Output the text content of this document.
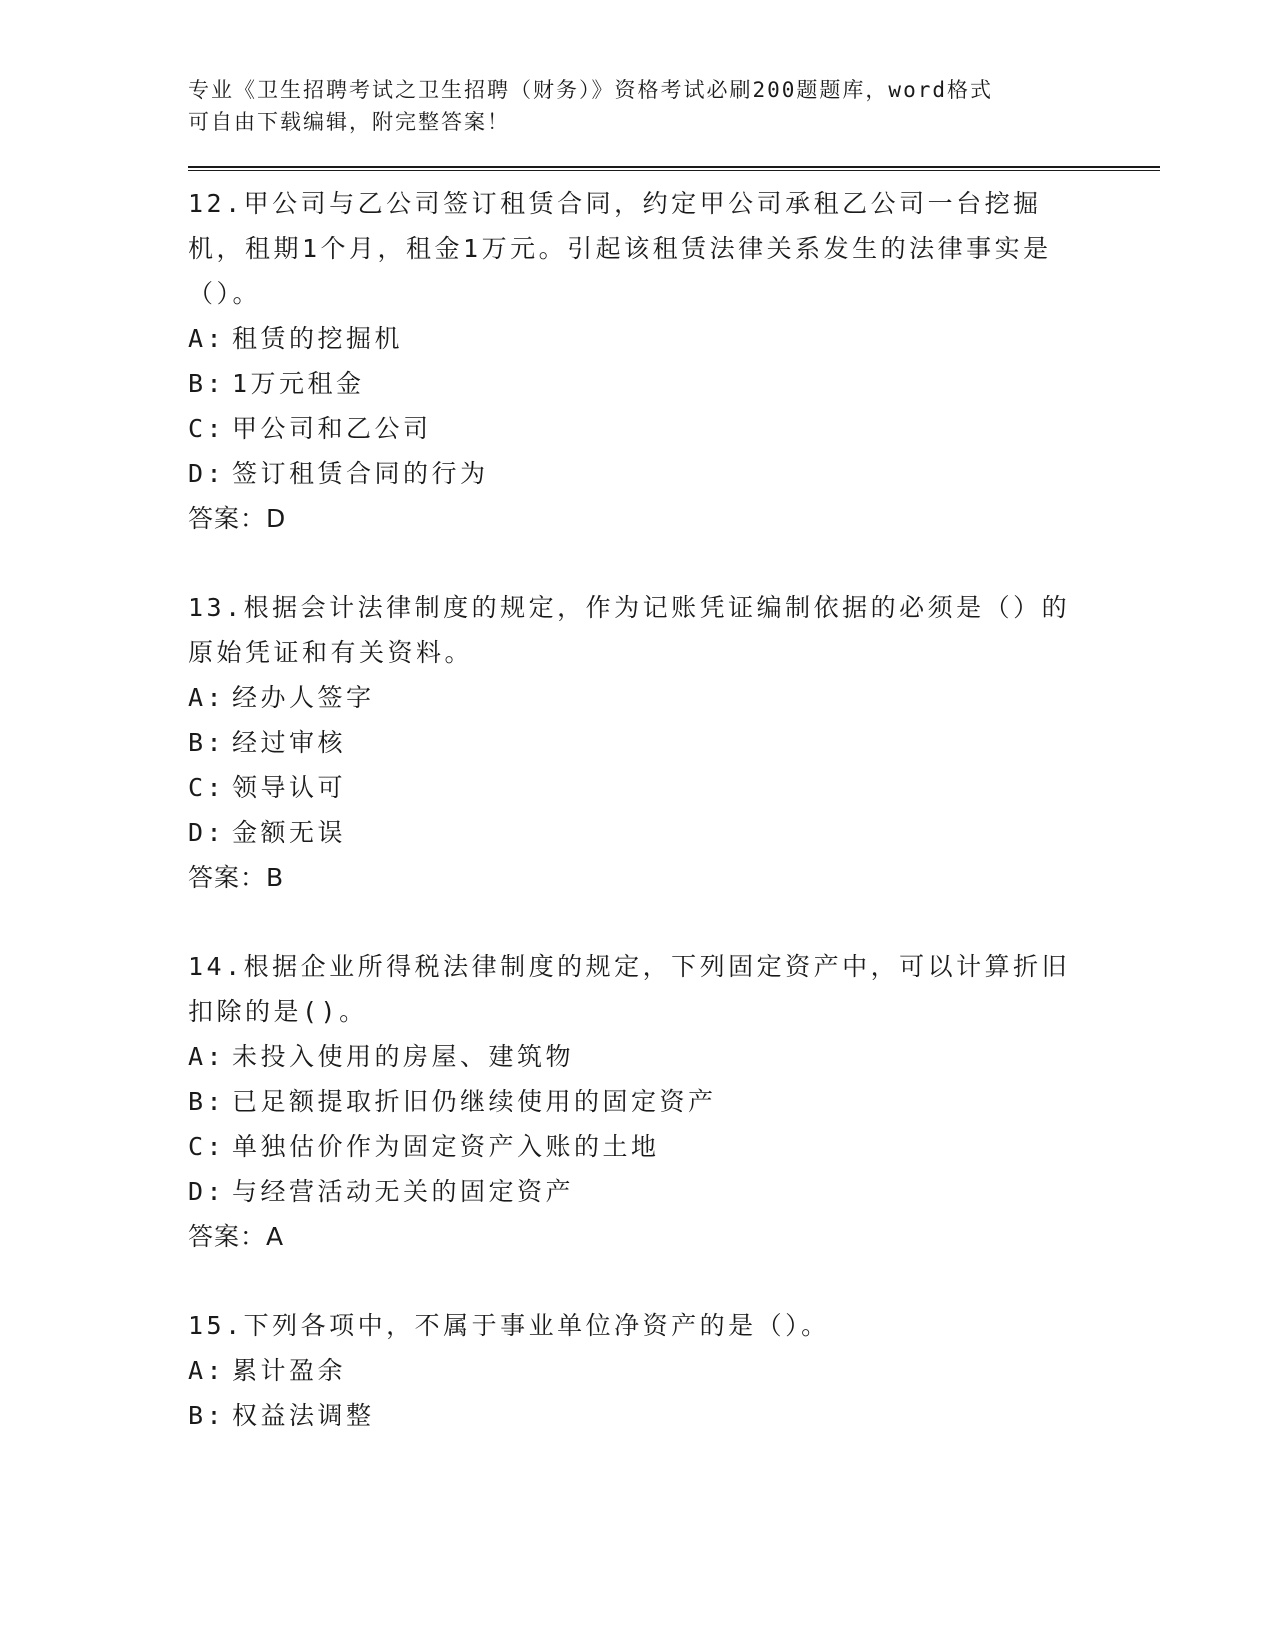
专业《卫生招聘考试之卫生招聘（财务）》资格考试必刷200题题库，word格式
可自由下载编辑，附完整答案！

12.甲公司与乙公司签订租赁合同，约定甲公司承租乙公司一台挖掘机，租期1个月，租金1万元。引起该租赁法律关系发生的法律事实是（）。

A: 租赁的挖掘机
B: 1万元租金
C: 甲公司和乙公司
D: 签订租赁合同的行为
答案：D

13.根据会计法律制度的规定，作为记账凭证编制依据的必须是（）的原始凭证和有关资料。

A: 经办人签字
B: 经过审核
C: 领导认可
D: 金额无误
答案：B

14.根据企业所得税法律制度的规定，下列固定资产中，可以计算折旧扣除的是()。

A: 未投入使用的房屋、建筑物
B: 已足额提取折旧仍继续使用的固定资产
C: 单独估价作为固定资产入账的土地
D: 与经营活动无关的固定资产
答案：A

15.下列各项中，不属于事业单位净资产的是（）。

A: 累计盈余
B: 权益法调整
